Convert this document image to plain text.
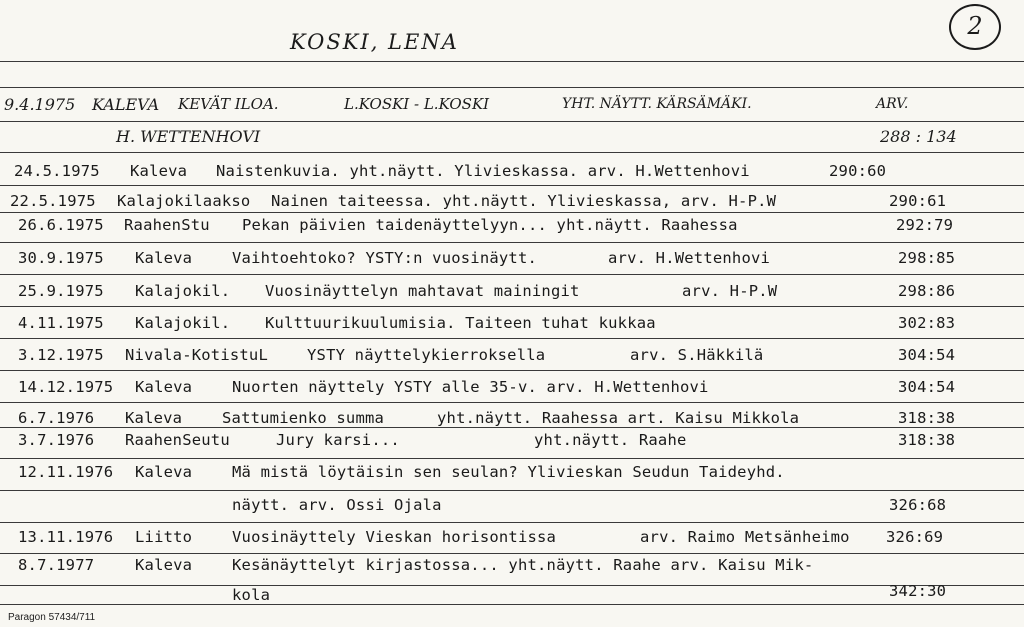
2
KOSKI, LENA
9.4.1975 KALEVA KEVÄT ILOA.	L.KOSKI - L.KOSKI	YHT. NÄYTT. KÄRSÄMÄKI.	ARV.
H. WETTENHOVI	288 : 134
24.5.1975 Kaleva Naistenkuvia. yht.näytt. Ylivieskassa. arv. H.Wettenhovi	290:60
22.5.1975 Kalajokilaakso Nainen taiteessa. yht.näytt. Ylivieskassa, arv. H-P.W	290:61
26.6.1975 RaahenStu Pekan päivien taidenäyttelyyn... yht.näytt. Raahessa	292:79
30.9.1975 Kaleva	Vaihtoehtoko? YSTY:n vuosinäytt.	arv. H.Wettenhovi	298:85
25.9.1975 Kalajokil. Vuosinäyttelyn mahtavat mainingit	arv. H-P.W	298:86
4.11.1975 Kalajokil. Kulttuurikuulumisia. Taiteen tuhat kukkaa	302:83
3.12.1975 Nivala-KotistuL	YSTY näyttelykierroksella	arv. S.Häkkilä	304:54
14.12.1975 Kaleva	Nuorten näyttely YSTY alle 35-v. arv. H.Wettenhovi	304:54
6.7.1976 Kaleva	Sattumienko summa	yht.näytt. Raahessa art. Kaisu Mikkola	318:38
3.7.1976 RaahenSeutu	Jury karsi...	yht.näytt. Raahe	318:38
12.11.1976 Kaleva	Mä mistä löytäisin sen seulan? Ylivieskan Seudun Taideyhd.
näytt. arv. Ossi Ojala	326:68
13.11.1976 Liitto	Vuosinäyttely Vieskan horisontissa	arv. Raimo Metsänheimo 326:69
8.7.1977	Kaleva	Kesänäyttelyt kirjastossa... yht.näytt. Raahe arv. Kaisu Mik-
kola	342:30
Paragon 57434/711
